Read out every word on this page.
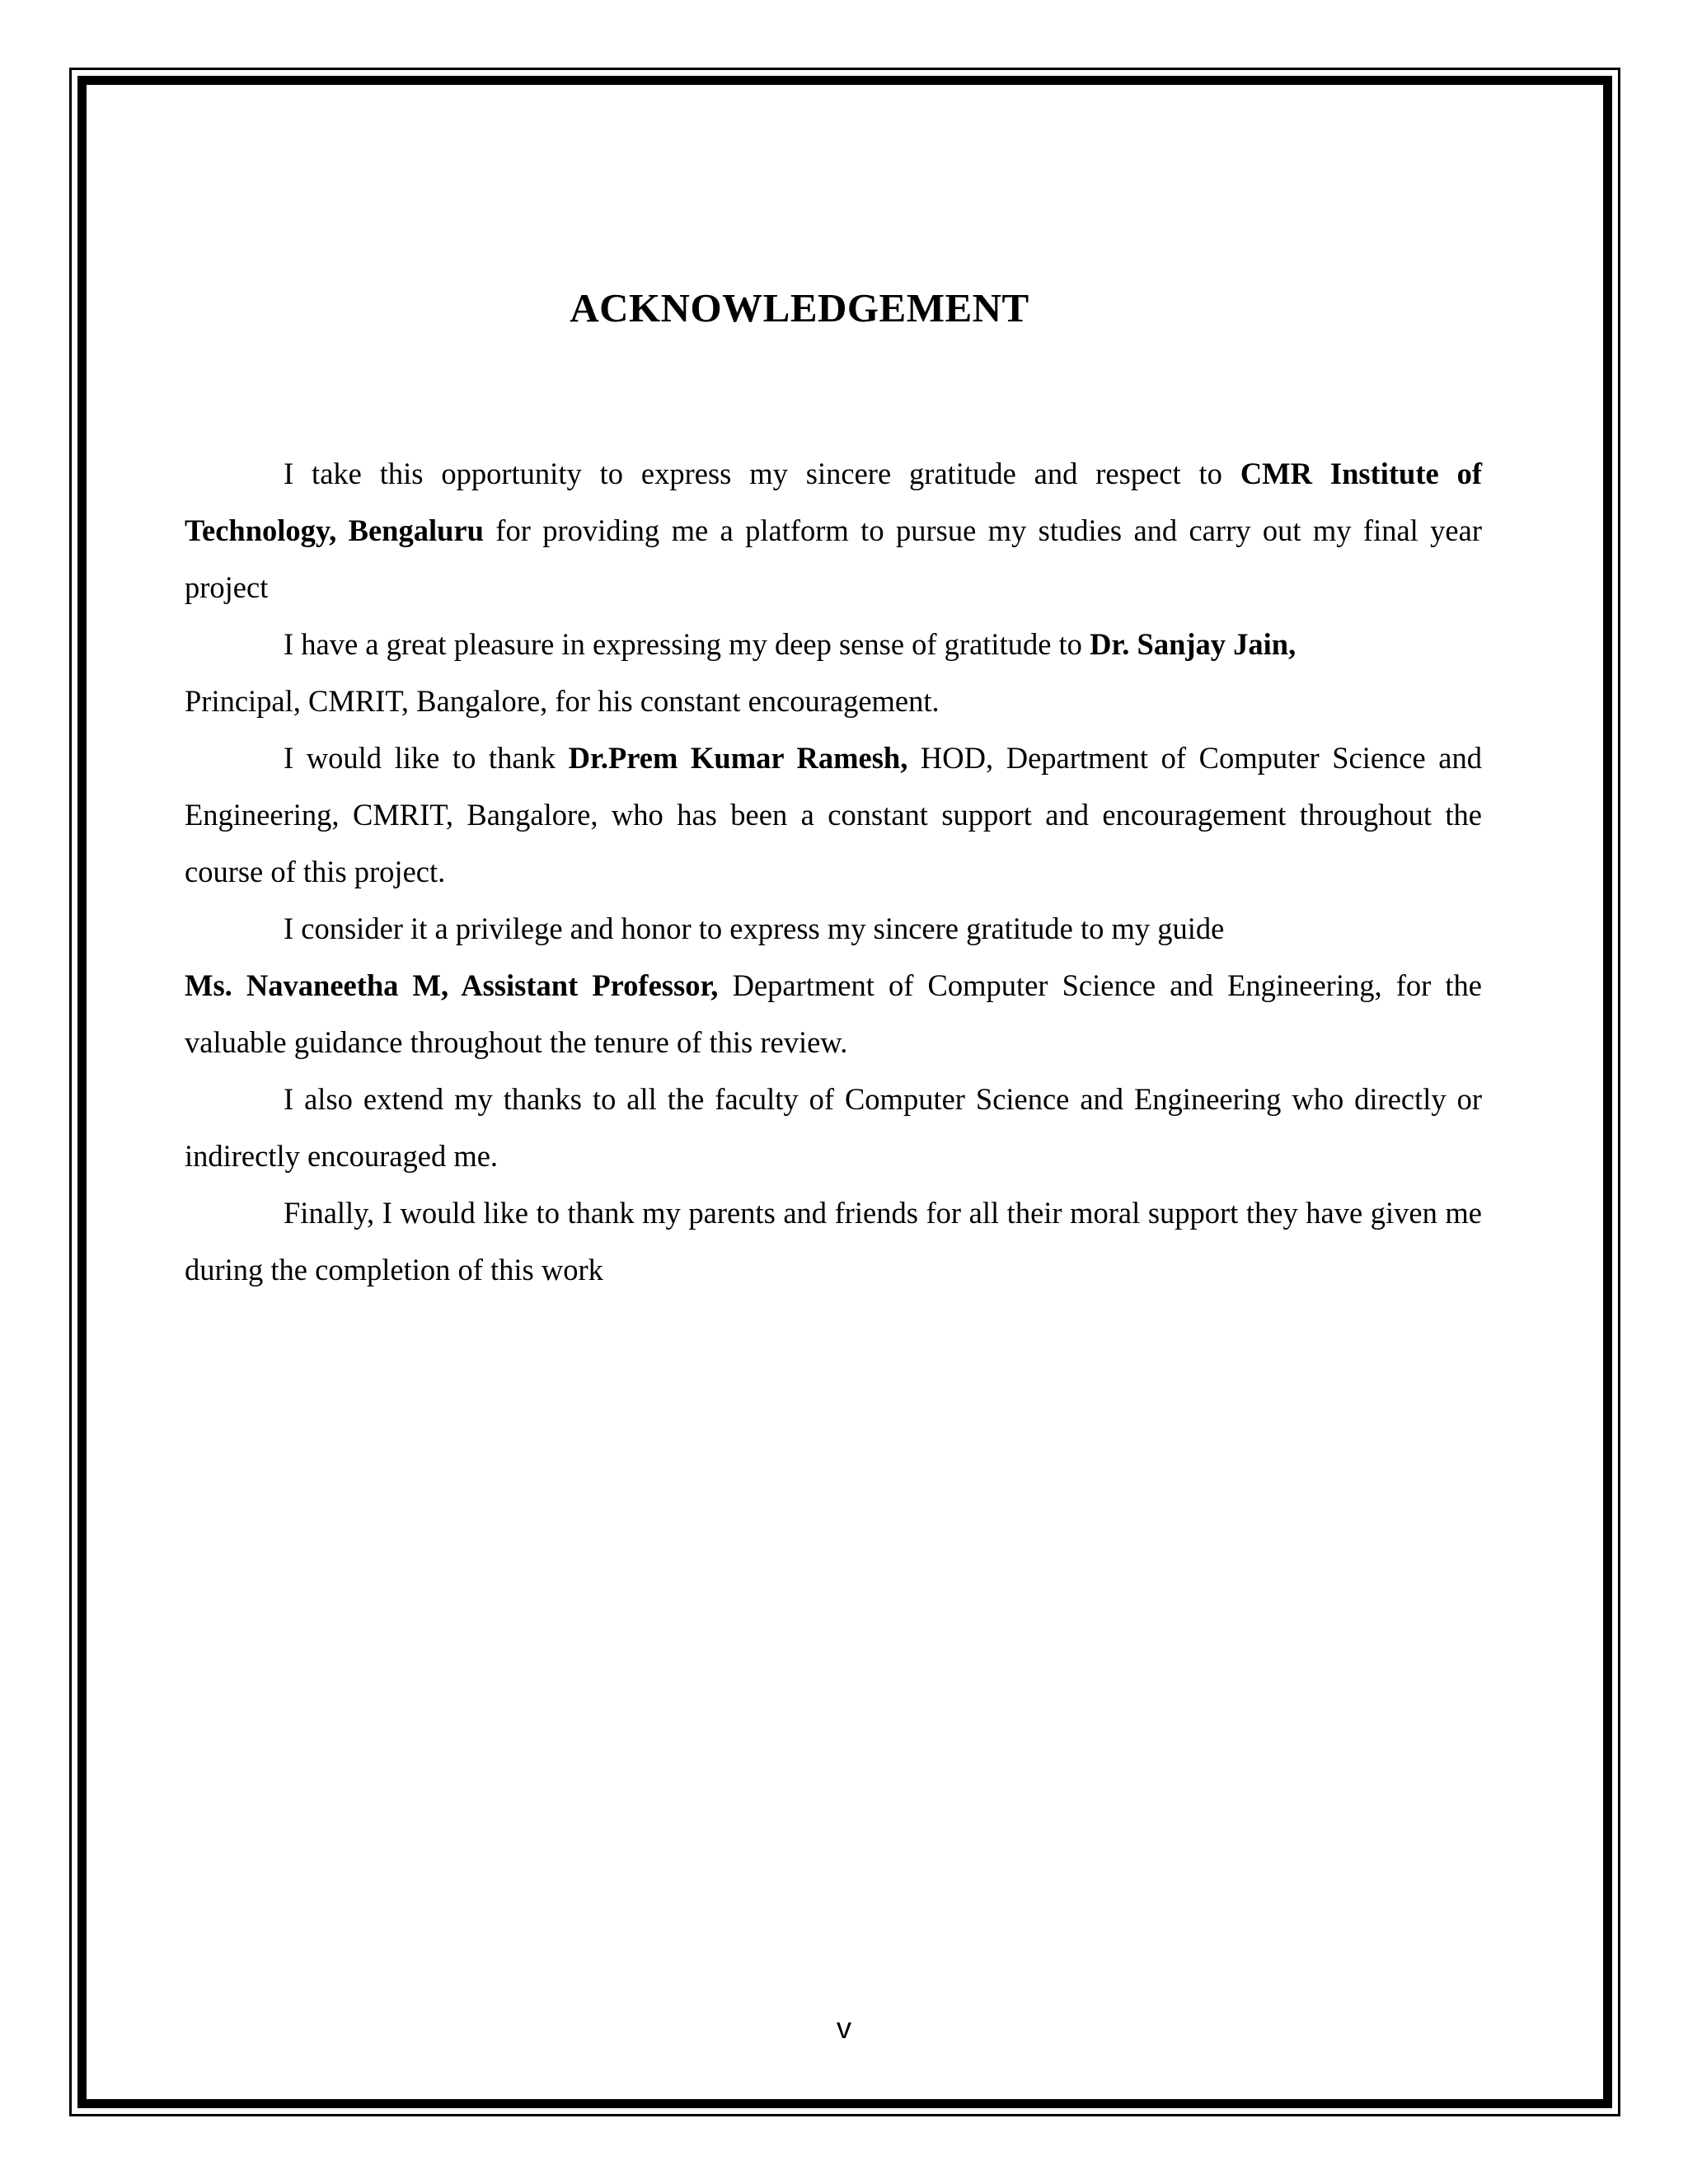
ACKNOWLEDGEMENT

I take this opportunity to express my sincere gratitude and respect to CMR Institute of Technology, Bengaluru for providing me a platform to pursue my studies and carry out my final year project

I have a great pleasure in expressing my deep sense of gratitude to Dr. Sanjay Jain,
Principal, CMRIT, Bangalore, for his constant encouragement.

I would like to thank Dr.Prem Kumar Ramesh, HOD, Department of Computer Science and Engineering, CMRIT, Bangalore, who has been a constant support and encouragement throughout the course of this project.

I consider it a privilege and honor to express my sincere gratitude to my guide
Ms. Navaneetha M, Assistant Professor, Department of Computer Science and Engineering, for the valuable guidance throughout the tenure of this review.

I also extend my thanks to all the faculty of Computer Science and Engineering who directly or indirectly encouraged me.

Finally, I would like to thank my parents and friends for all their moral support they have given me during the completion of this work

v
